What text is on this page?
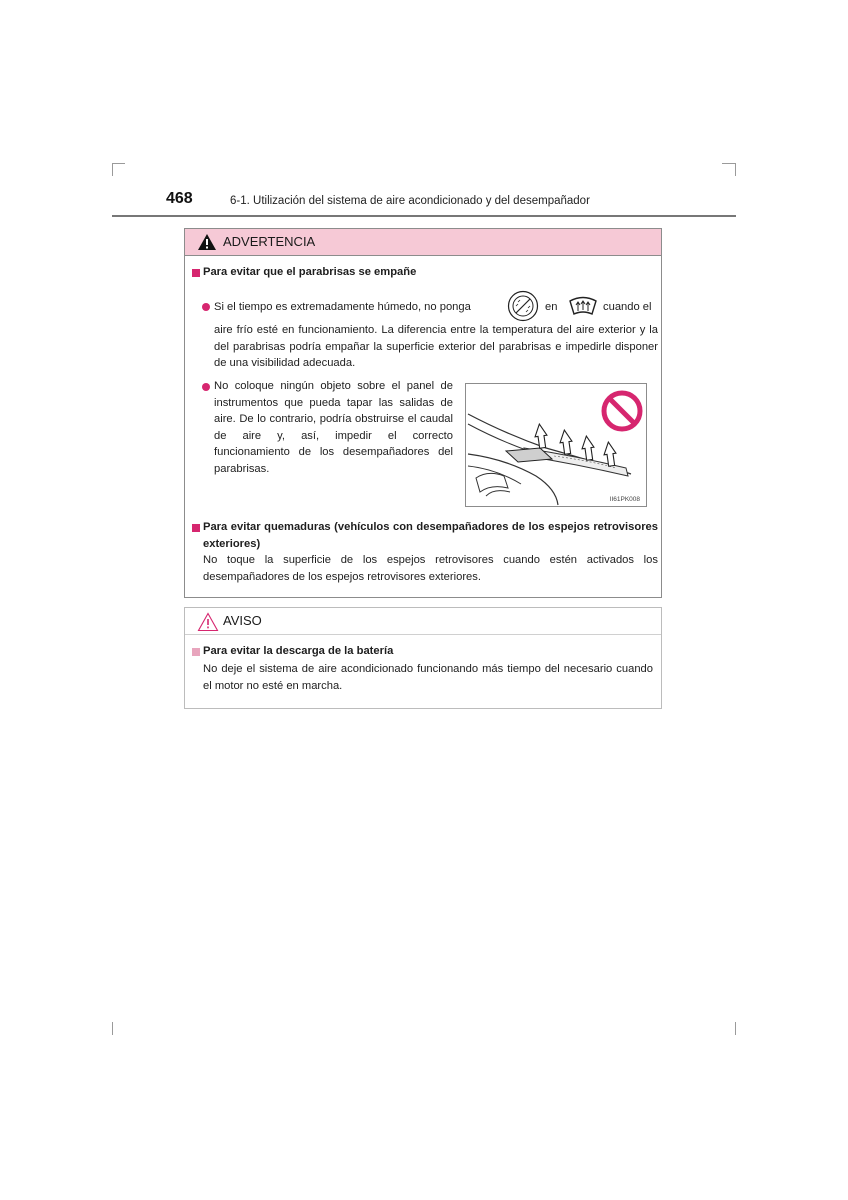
468	6-1. Utilización del sistema de aire acondicionado y del desempañador
ADVERTENCIA
Para evitar que el parabrisas se empañe
Si el tiempo es extremadamente húmedo, no ponga	en	cuando el
aire frío esté en funcionamiento. La diferencia entre la temperatura del aire exterior y la del parabrisas podría empañar la superficie exterior del parabrisas e impedirle disponer de una visibilidad adecuada.
No coloque ningún objeto sobre el panel de instrumentos que pueda tapar las salidas de aire. De lo contrario, podría obstruirse el caudal de aire y, así, impedir el correcto funcionamiento de los desempañadores del parabrisas.
II61PK008
Para evitar quemaduras (vehículos con desempañadores de los espejos retrovisores exteriores)
No toque la superficie de los espejos retrovisores cuando estén activados los desempañadores de los espejos retrovisores exteriores.
AVISO
Para evitar la descarga de la batería
No deje el sistema de aire acondicionado funcionando más tiempo del necesario cuando el motor no esté en marcha.
